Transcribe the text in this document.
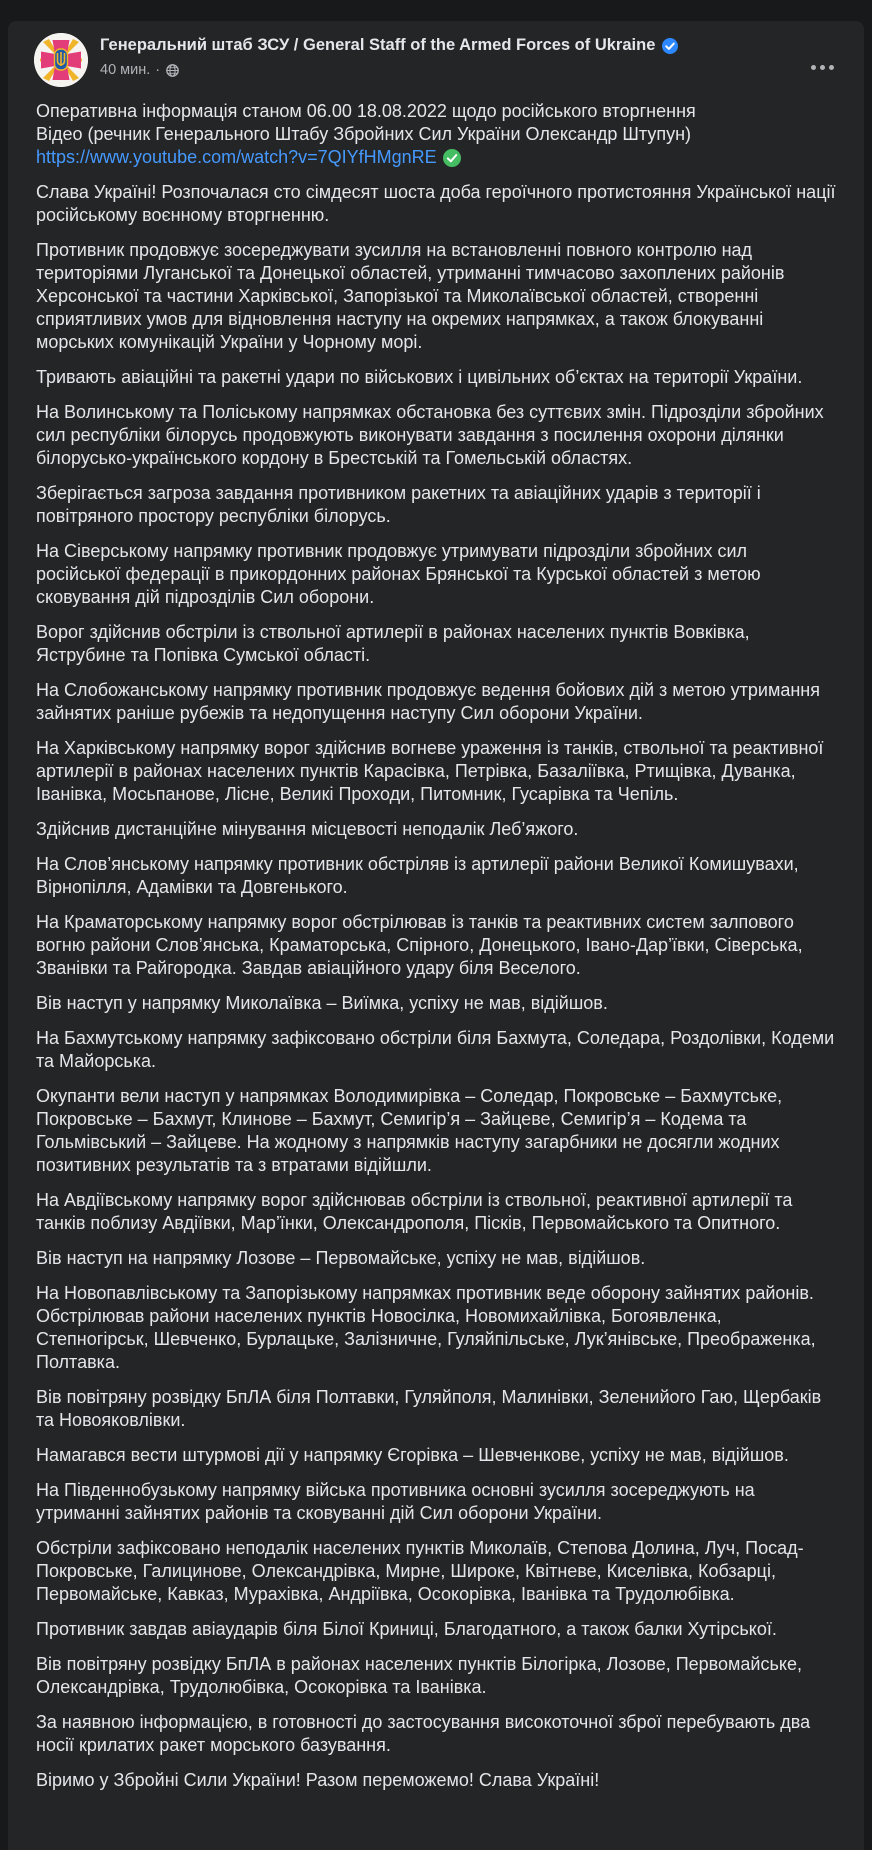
Генеральний штаб ЗСУ / General Staff of the Armed Forces of Ukraine
40 мин. ·
Оперативна інформація станом 06.00 18.08.2022 щодо російського вторгнення
Відео (речник Генерального Штабу Збройних Сил України Олександр Штупун)
https://www.youtube.com/watch?v=7QIYfHMgnRE

Слава Україні! Розпочалася сто сімдесят шоста доба героїчного протистояння Української нації російському воєнному вторгненню.

Противник продовжує зосереджувати зусилля на встановленні повного контролю над територіями Луганської та Донецької областей, утриманні тимчасово захоплених районів Херсонської та частини Харківської, Запорізької та Миколаївської областей, створенні сприятливих умов для відновлення наступу на окремих напрямках, а також блокуванні морських комунікацій України у Чорному морі.

Тривають авіаційні та ракетні удари по військових і цивільних об’єктах на території України.

На Волинському та Поліському напрямках обстановка без суттєвих змін. Підрозділи збройних сил республіки білорусь продовжують виконувати завдання з посилення охорони ділянки білорусько-українського кордону в Брестській та Гомельській областях.

Зберігається загроза завдання противником ракетних та авіаційних ударів з території і повітряного простору республіки білорусь.

На Сіверському напрямку противник продовжує утримувати підрозділи збройних сил російської федерації в прикордонних районах Брянської та Курської областей з метою сковування дій підрозділів Сил оборони.

Ворог здійснив обстріли із ствольної артилерії в районах населених пунктів Вовківка, Яструбине та Попівка Сумської області.

На Слобожанському напрямку противник продовжує ведення бойових дій з метою утримання зайнятих раніше рубежів та недопущення наступу Сил оборони України.

На Харківському напрямку ворог здійснив вогневе ураження із танків, ствольної та реактивної артилерії в районах населених пунктів Карасівка, Петрівка, Базаліївка, Ртищівка, Дуванка, Іванівка, Мосьпанове, Лісне, Великі Проходи, Питомник, Гусарівка та Чепіль.

Здійснив дистанційне мінування місцевості неподалік Леб’яжого.

На Слов’янському напрямку противник обстріляв із артилерії райони Великої Комишувахи, Вірнопілля, Адамівки та Довгенького.

На Краматорському напрямку ворог обстрілював із танків та реактивних систем залпового вогню райони Слов’янська, Краматорська, Спірного, Донецького, Івано-Дар’ївки, Сіверська, Званівки та Райгородка. Завдав авіаційного удару біля Веселого.

Вів наступ у напрямку Миколаївка – Виїмка, успіху не мав, відійшов.

На Бахмутському напрямку зафіксовано обстріли біля Бахмута, Соледара, Роздолівки, Кодеми та Майорська.

Окупанти вели наступ у напрямках Володимирівка – Соледар, Покровське – Бахмутське, Покровське – Бахмут, Клинове – Бахмут, Семигір’я – Зайцеве, Семигір’я – Кодема та Гольмівський – Зайцеве. На жодному з напрямків наступу загарбники не досягли жодних позитивних результатів та з втратами відійшли.

На Авдіївському напрямку ворог здійснював обстріли із ствольної, реактивної артилерії та танків поблизу Авдіївки, Мар’їнки, Олександрополя, Пісків, Первомайського та Опитного.

Вів наступ на напрямку Лозове – Первомайське, успіху не мав, відійшов.

На Новопавлівському та Запорізькому напрямках противник веде оборону зайнятих районів. Обстрілював райони населених пунктів Новосілка, Новомихайлівка, Богоявленка, Степногірськ, Шевченко, Бурлацьке, Залізничне, Гуляйпільське, Лук’янівське, Преображенка, Полтавка.

Вів повітряну розвідку БпЛА біля Полтавки, Гуляйполя, Малинівки, Зеленийого Гаю, Щербаків та Новояковлівки.

Намагався вести штурмові дії у напрямку Єгорівка – Шевченкове, успіху не мав, відійшов.

На Південнобузькому напрямку війська противника основні зусилля зосереджують на утриманні зайнятих районів та сковуванні дій Сил оборони України.

Обстріли зафіксовано неподалік населених пунктів Миколаїв, Степова Долина, Луч, Посад-Покровське, Галицинове, Олександрівка, Мирне, Широке, Квітневе, Киселівка, Кобзарці, Первомайське, Кавказ, Мурахівка, Андріївка, Осокорівка, Іванівка та Трудолюбівка.

Противник завдав авіаударів біля Білої Криниці, Благодатного, а також балки Хутірської.

Вів повітряну розвідку БпЛА в районах населених пунктів Білогірка, Лозове, Первомайське, Олександрівка, Трудолюбівка, Осокорівка та Іванівка.

За наявною інформацією, в готовності до застосування високоточної зброї перебувають два носії крилатих ракет морського базування.

Віримо у Збройні Сили України! Разом переможемо! Слава Україні!
